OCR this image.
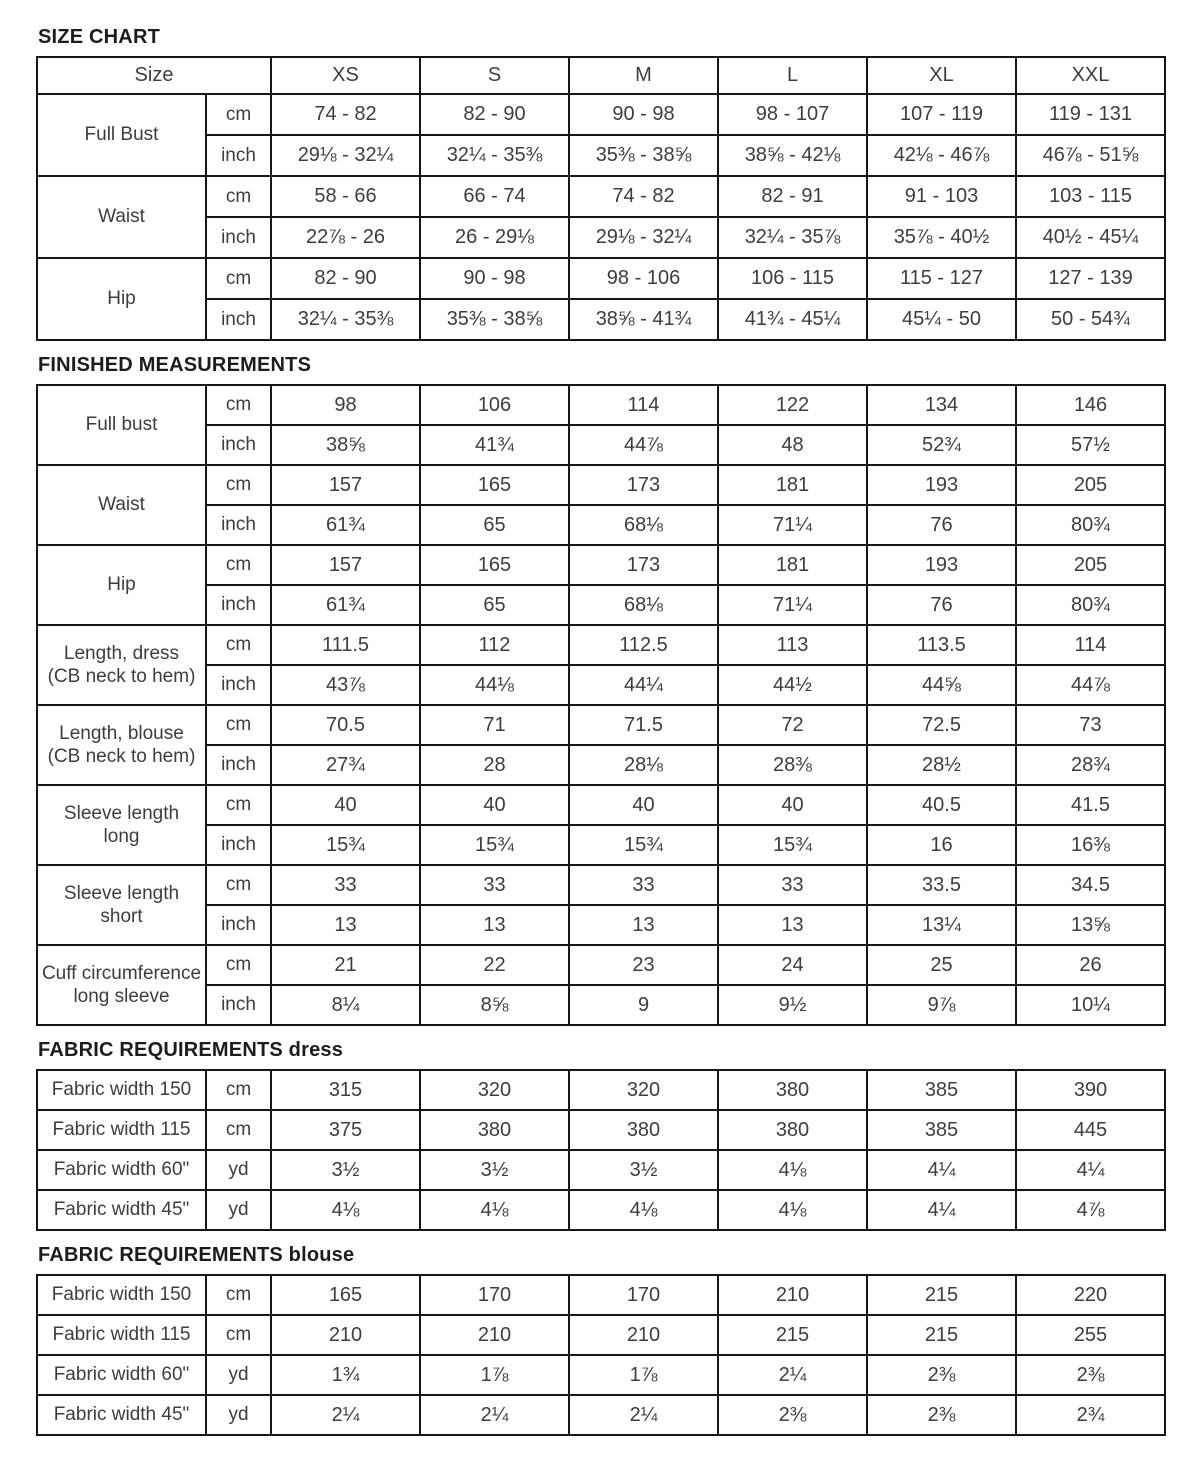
SIZE CHART
Size		XS	S	M	L	XL	XXL

Full Bust	cm	74 - 82	82 - 90	90 - 98	98 - 107	107 - 119	119 - 131
	inch	29⅛ - 32¼	32¼ - 35⅜	35⅜ - 38⅝	38⅝ - 42⅛	42⅛ - 46⅞	46⅞ - 51⅝

Waist	cm	58 - 66	66 - 74	74 - 82	82 - 91	91 - 103	103 - 115
	inch	22⅞ - 26	26 - 29⅛	29⅛ - 32¼	32¼ - 35⅞	35⅞ - 40½	40½ - 45¼

Hip	cm	82 - 90	90 - 98	98 - 106	106 - 115	115 - 127	127 - 139
	inch	32¼ - 35⅜	35⅜ - 38⅝	38⅝ - 41¾	41¾ - 45¼	45¼ - 50	50 - 54¾
FINISHED MEASUREMENTS
Full bust	cm	98	106	114	122	134	146
	inch	38⅝	41¾	44⅞	48	52¾	57½

Waist	cm	157	165	173	181	193	205
	inch	61¾	65	68⅛	71¼	76	80¾

Hip	cm	157	165	173	181	193	205
	inch	61¾	65	68⅛	71¼	76	80¾

Length, dress
(CB neck to hem)	cm	111.5	112	112.5	113	113.5	114
	inch	43⅞	44⅛	44¼	44½	44⅝	44⅞

Length, blouse
(CB neck to hem)	cm	70.5	71	71.5	72	72.5	73
	inch	27¾	28	28⅛	28⅜	28½	28¾

Sleeve length
long	cm	40	40	40	40	40.5	41.5
	inch	15¾	15¾	15¾	15¾	16	16⅜

Sleeve length
short	cm	33	33	33	33	33.5	34.5
	inch	13	13	13	13	13¼	13⅝

Cuff circumference
long sleeve	cm	21	22	23	24	25	26
	inch	8¼	8⅝	9	9½	9⅞	10¼
FABRIC REQUIREMENTS dress
Fabric width 150	cm	315	320	320	380	385	390

Fabric width 115	cm	375	380	380	380	385	445

Fabric width 60"	yd	3½	3½	3½	4⅛	4¼	4¼

Fabric width 45"	yd	4⅛	4⅛	4⅛	4⅛	4¼	4⅞
FABRIC REQUIREMENTS blouse
Fabric width 150	cm	165	170	170	210	215	220

Fabric width 115	cm	210	210	210	215	215	255

Fabric width 60"	yd	1¾	1⅞	1⅞	2¼	2⅜	2⅜

Fabric width 45"	yd	2¼	2¼	2¼	2⅜	2⅜	2¾
